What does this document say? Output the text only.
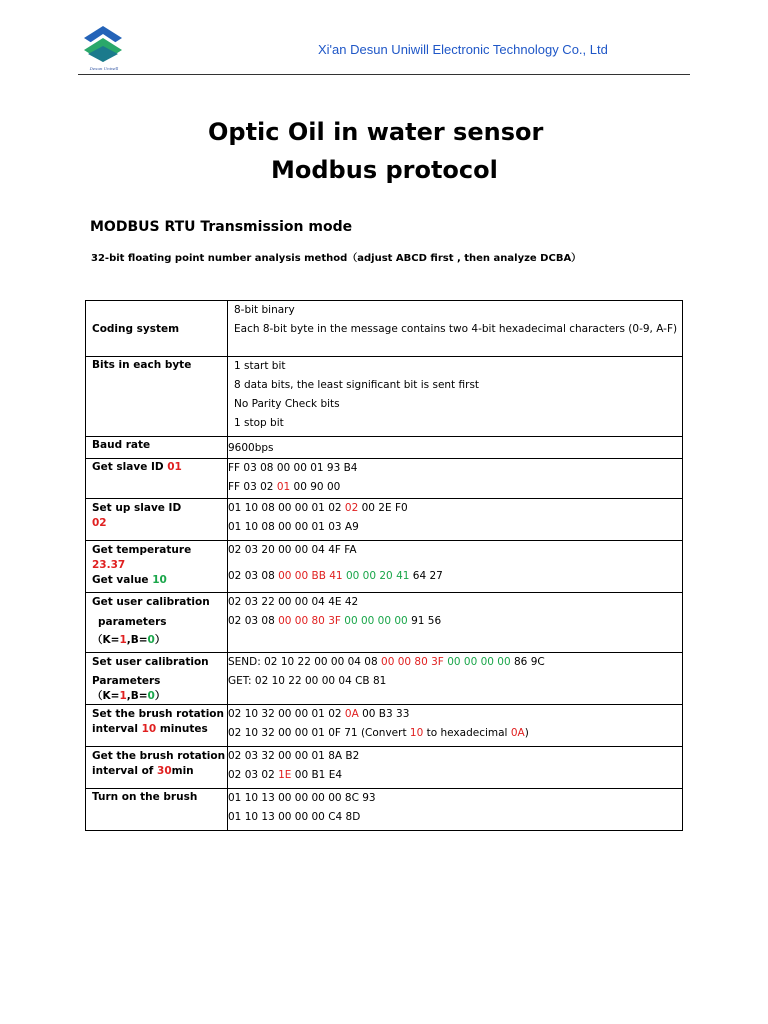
Desun Uniwill
Xi'an Desun Uniwill Electronic Technology Co., Ltd
Optic Oil in water sensor
Modbus protocol
MODBUS RTU Transmission mode
32-bit floating point number analysis method（adjust ABCD first , then analyze DCBA）
Coding system	8-bit binary
Each 8-bit byte in the message contains two 4-bit hexadecimal characters (0-9, A-F)

Bits in each byte	1 start bit
8 data bits, the least significant bit is sent first
No Parity Check bits
1 stop bit

Baud rate	9600bps

Get slave ID 01	FF 03 08 00 00 01 93 B4
FF 03 02 01 00 90 00

Set up slave ID
02	01 10 08 00 00 01 02 02 00 2E F0
01 10 08 00 00 01 03 A9

Get temperature
23.37
Get value 10	02 03 20 00 00 04 4F FA
02 03 08 00 00 BB 41 00 00 20 41 64 27

Get user calibration
parameters
（K=1,B=0）	02 03 22 00 00 04 4E 42
02 03 08 00 00 80 3F 00 00 00 00 91 56

Set user calibration
Parameters
（K=1,B=0）	SEND: 02 10 22 00 00 04 08 00 00 80 3F 00 00 00 00 86 9C
GET: 02 10 22 00 00 04 CB 81

Set the brush rotation
interval 10 minutes	02 10 32 00 00 01 02 0A 00 B3 33
02 10 32 00 00 01 0F 71 (Convert 10 to hexadecimal 0A)

Get the brush rotation
interval of 30min	02 03 32 00 00 01 8A B2
02 03 02 1E 00 B1 E4

Turn on the brush	01 10 13 00 00 00 00 8C 93
01 10 13 00 00 00 C4 8D
